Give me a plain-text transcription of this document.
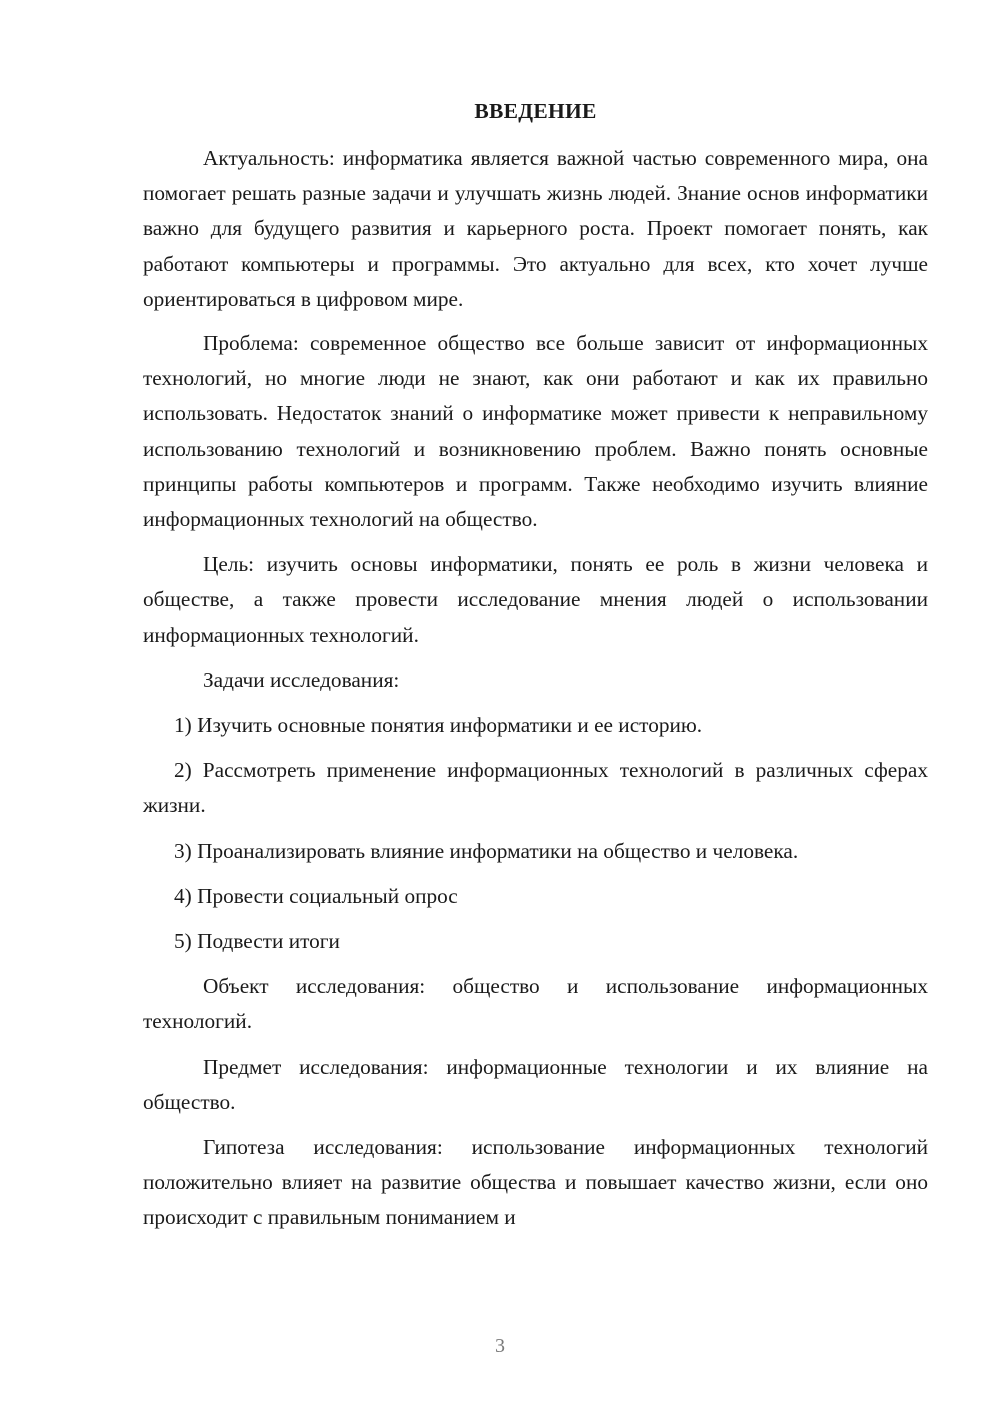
ВВЕДЕНИЕ

Актуальность: информатика является важной частью современного мира, она помогает решать разные задачи и улучшать жизнь людей. Знание основ информатики важно для будущего развития и карьерного роста. Проект помогает понять, как работают компьютеры и программы. Это актуально для всех, кто хочет лучше ориентироваться в цифровом мире.

Проблема: современное общество все больше зависит от информационных технологий, но многие люди не знают, как они работают и как их правильно использовать. Недостаток знаний о информатике может привести к неправильному использованию технологий и возникновению проблем. Важно понять основные принципы работы компьютеров и программ. Также необходимо изучить влияние информационных технологий на общество.

Цель: изучить основы информатики, понять ее роль в жизни человека и обществе, а также провести исследование мнения людей о использовании информационных технологий.

Задачи исследования:

1) Изучить основные понятия информатики и ее историю.

2) Рассмотреть применение информационных технологий в различных сферах жизни.

3) Проанализировать влияние информатики на общество и человека.

4) Провести социальный опрос

5) Подвести итоги

Объект исследования: общество и использование информационных технологий.

Предмет исследования: информационные технологии и их влияние на общество.

Гипотеза исследования: использование информационных технологий положительно влияет на развитие общества и повышает качество жизни, если оно происходит с правильным пониманием и

3
